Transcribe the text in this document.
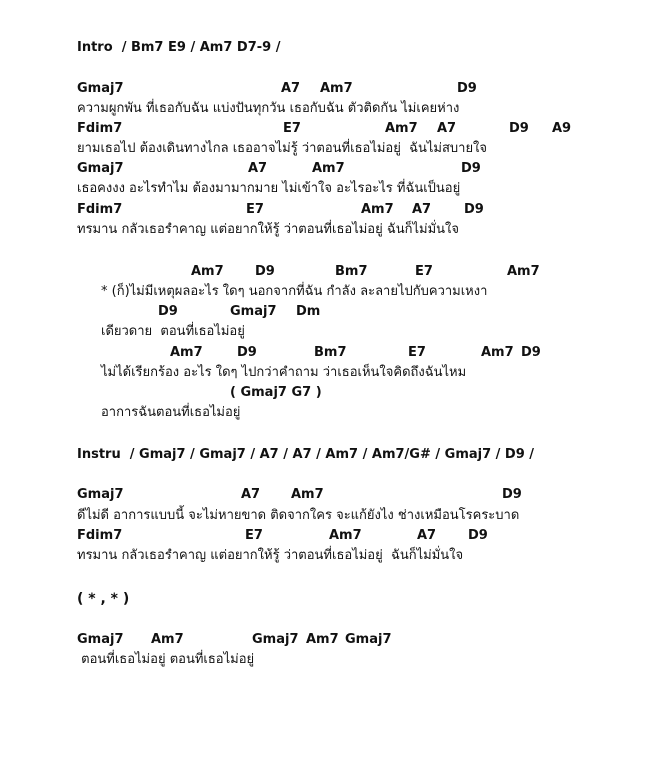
Intro  / Bm7 E9 / Am7 D7-9 /

Gmaj7

	A7

Am7

	D9

ความผูกพัน ที่เธอกับฉัน แบ่งปันทุกวัน เธอกับฉัน ตัวติดกัน ไม่เคยห่าง

Fdim7

	E7

	Am7

A7

	D9

A9

ยามเธอไป ต้องเดินทางไกล เธออาจไม่รู้ ว่าตอนที่เธอไม่อยู่  ฉันไม่สบายใจ

Gmaj7

	A7

	Am7

	D9

เธอคงงง อะไรทำไม ต้องมามากมาย ไม่เข้าใจ อะไรอะไร ที่ฉันเป็นอยู่

Fdim7

	E7

	Am7

A7

	D9

ทรมาน กลัวเธอรำคาญ แต่อยากให้รู้ ว่าตอนที่เธอไม่อยู่ ฉันก็ไม่มั่นใจ

Am7

D9

	Bm7

	E7

	Am7

* (ก็)ไม่มีเหตุผลอะไร ใดๆ นอกจากที่ฉัน กำลัง ละลายไปกับความเหงา

D9

	Gmaj7

Dm

เดียวดาย  ตอนที่เธอไม่อยู่

Am7

	D9

	Bm7

	E7

	Am7

D9

ไม่ได้เรียกร้อง อะไร ใดๆ ไปกว่าคำถาม ว่าเธอเห็นใจคิดถึงฉันไหม
( Gmaj7 G7 )
อาการฉันตอนที่เธอไม่อยู่
Instru  / Gmaj7 / Gmaj7 / A7 / A7 / Am7 / Am7/G# / Gmaj7 / D9 /

Gmaj7

	A7

Am7

	D9

ดีไม่ดี อาการแบบนี้ จะไม่หายขาด ติดจากใคร จะแก้ยังไง ช่างเหมือนโรคระบาด

Fdim7

	E7

	Am7

	A7

D9

ทรมาน กลัวเธอรำคาญ แต่อยากให้รู้ ว่าตอนที่เธอไม่อยู่  ฉันก็ไม่มั่นใจ
( * , * )

Gmaj7

Am7

	Gmaj7

Am7

Gmaj7

ตอนที่เธอไม่อยู่ ตอนที่เธอไม่อยู่
